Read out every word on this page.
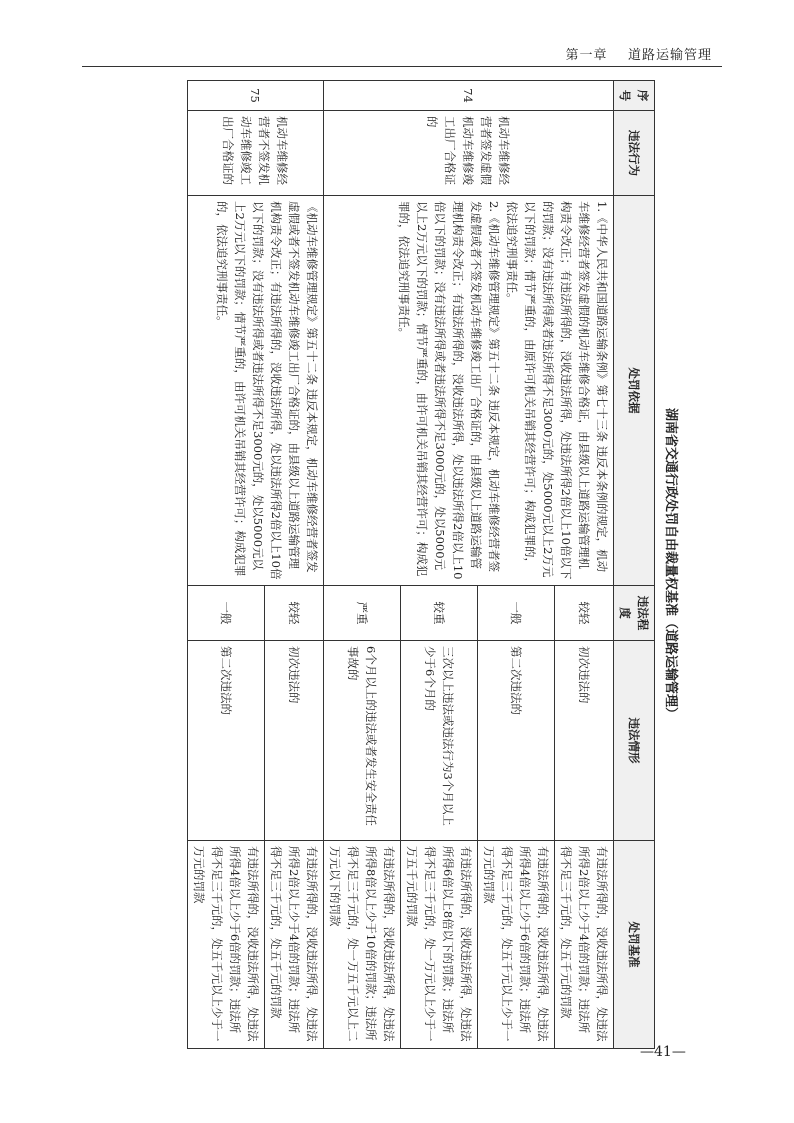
第一章 道路运输管理
湖南省交通行政处罚自由裁量权基准（道路运输管理）
序号	违法行为	处罚依据	违法程度	违法情形	处罚基准
74	机动车维修经营者签发虚假机动车维修竣工出厂合格证的	1.《中华人民共和国道路运输条例》第七十三条 违反本条例的规定，机动车维修经营者签发虚假的机动车维修合格证，由县级以上道路运输管理机构责令改正；有违法所得的，没收违法所得，处违法所得2倍以上10倍以下的罚款；没有违法所得或者违法所得不足3000元的，处5000元以上2万元以下的罚款；情节严重的，由原许可机关吊销其经营许可；构成犯罪的，依法追究刑事责任。
2.《机动车维修管理规定》第五十二条 违反本规定，机动车维修经营者签发虚假或者不签发机动车维修竣工出厂合格证的，由县级以上道路运输管理机构责令改正；有违法所得的，没收违法所得，处以违法所得2倍以上10倍以下的罚款；没有违法所得或者违法所得不足3000元的，处以5000元以上2万元以下的罚款；情节严重的，由许可机关吊销其经营许可；构成犯罪的，依法追究刑事责任。	较轻	初次违法的	有违法所得的，没收违法所得，处违法所得2倍以上少于4倍的罚款；违法所得不足三千元的，处五千元的罚款
			一般	第二次违法的	有违法所得的，没收违法所得，处违法所得4倍以上少于6倍的罚款；违法所得不足三千元的，处五千元以上少于一万元的罚款
			较重	三次以上违法或违法行为3个月以上少于6个月的	有违法所得的，没收违法所得，处违法所得6倍以上8倍以下的罚款；违法所得不足三千元的，处一万元以上少于一万五千元的罚款
			严重	6个月以上的违法或者发生安全责任事故的	有违法所得的，没收违法所得，处违法所得8倍以上少于10倍的罚款；违法所得不足三千元的，处一万五千元以上二万元以下的罚款
75	机动车维修经营者不签发机动车维修竣工出厂合格证的	《机动车维修管理规定》第五十二条 违反本规定，机动车维修经营者签发虚假或者不签发机动车维修竣工出厂合格证的，由县级以上道路运输管理机构责令改正；有违法所得的，没收违法所得，处以违法所得2倍以上10倍以下的罚款；没有违法所得或者违法所得不足3000元的，处以5000元以上2万元以下的罚款；情节严重的，由许可机关吊销其经营许可；构成犯罪的，依法追究刑事责任。	较轻	初次违法的	有违法所得的，没收违法所得，处违法所得2倍以上少于4倍的罚款；违法所得不足三千元的，处五千元的罚款
			一般	第二次违法的	有违法所得的，没收违法所得，处违法所得4倍以上少于6倍的罚款；违法所得不足三千元的，处五千元以上少于一万元的罚款
—41—
